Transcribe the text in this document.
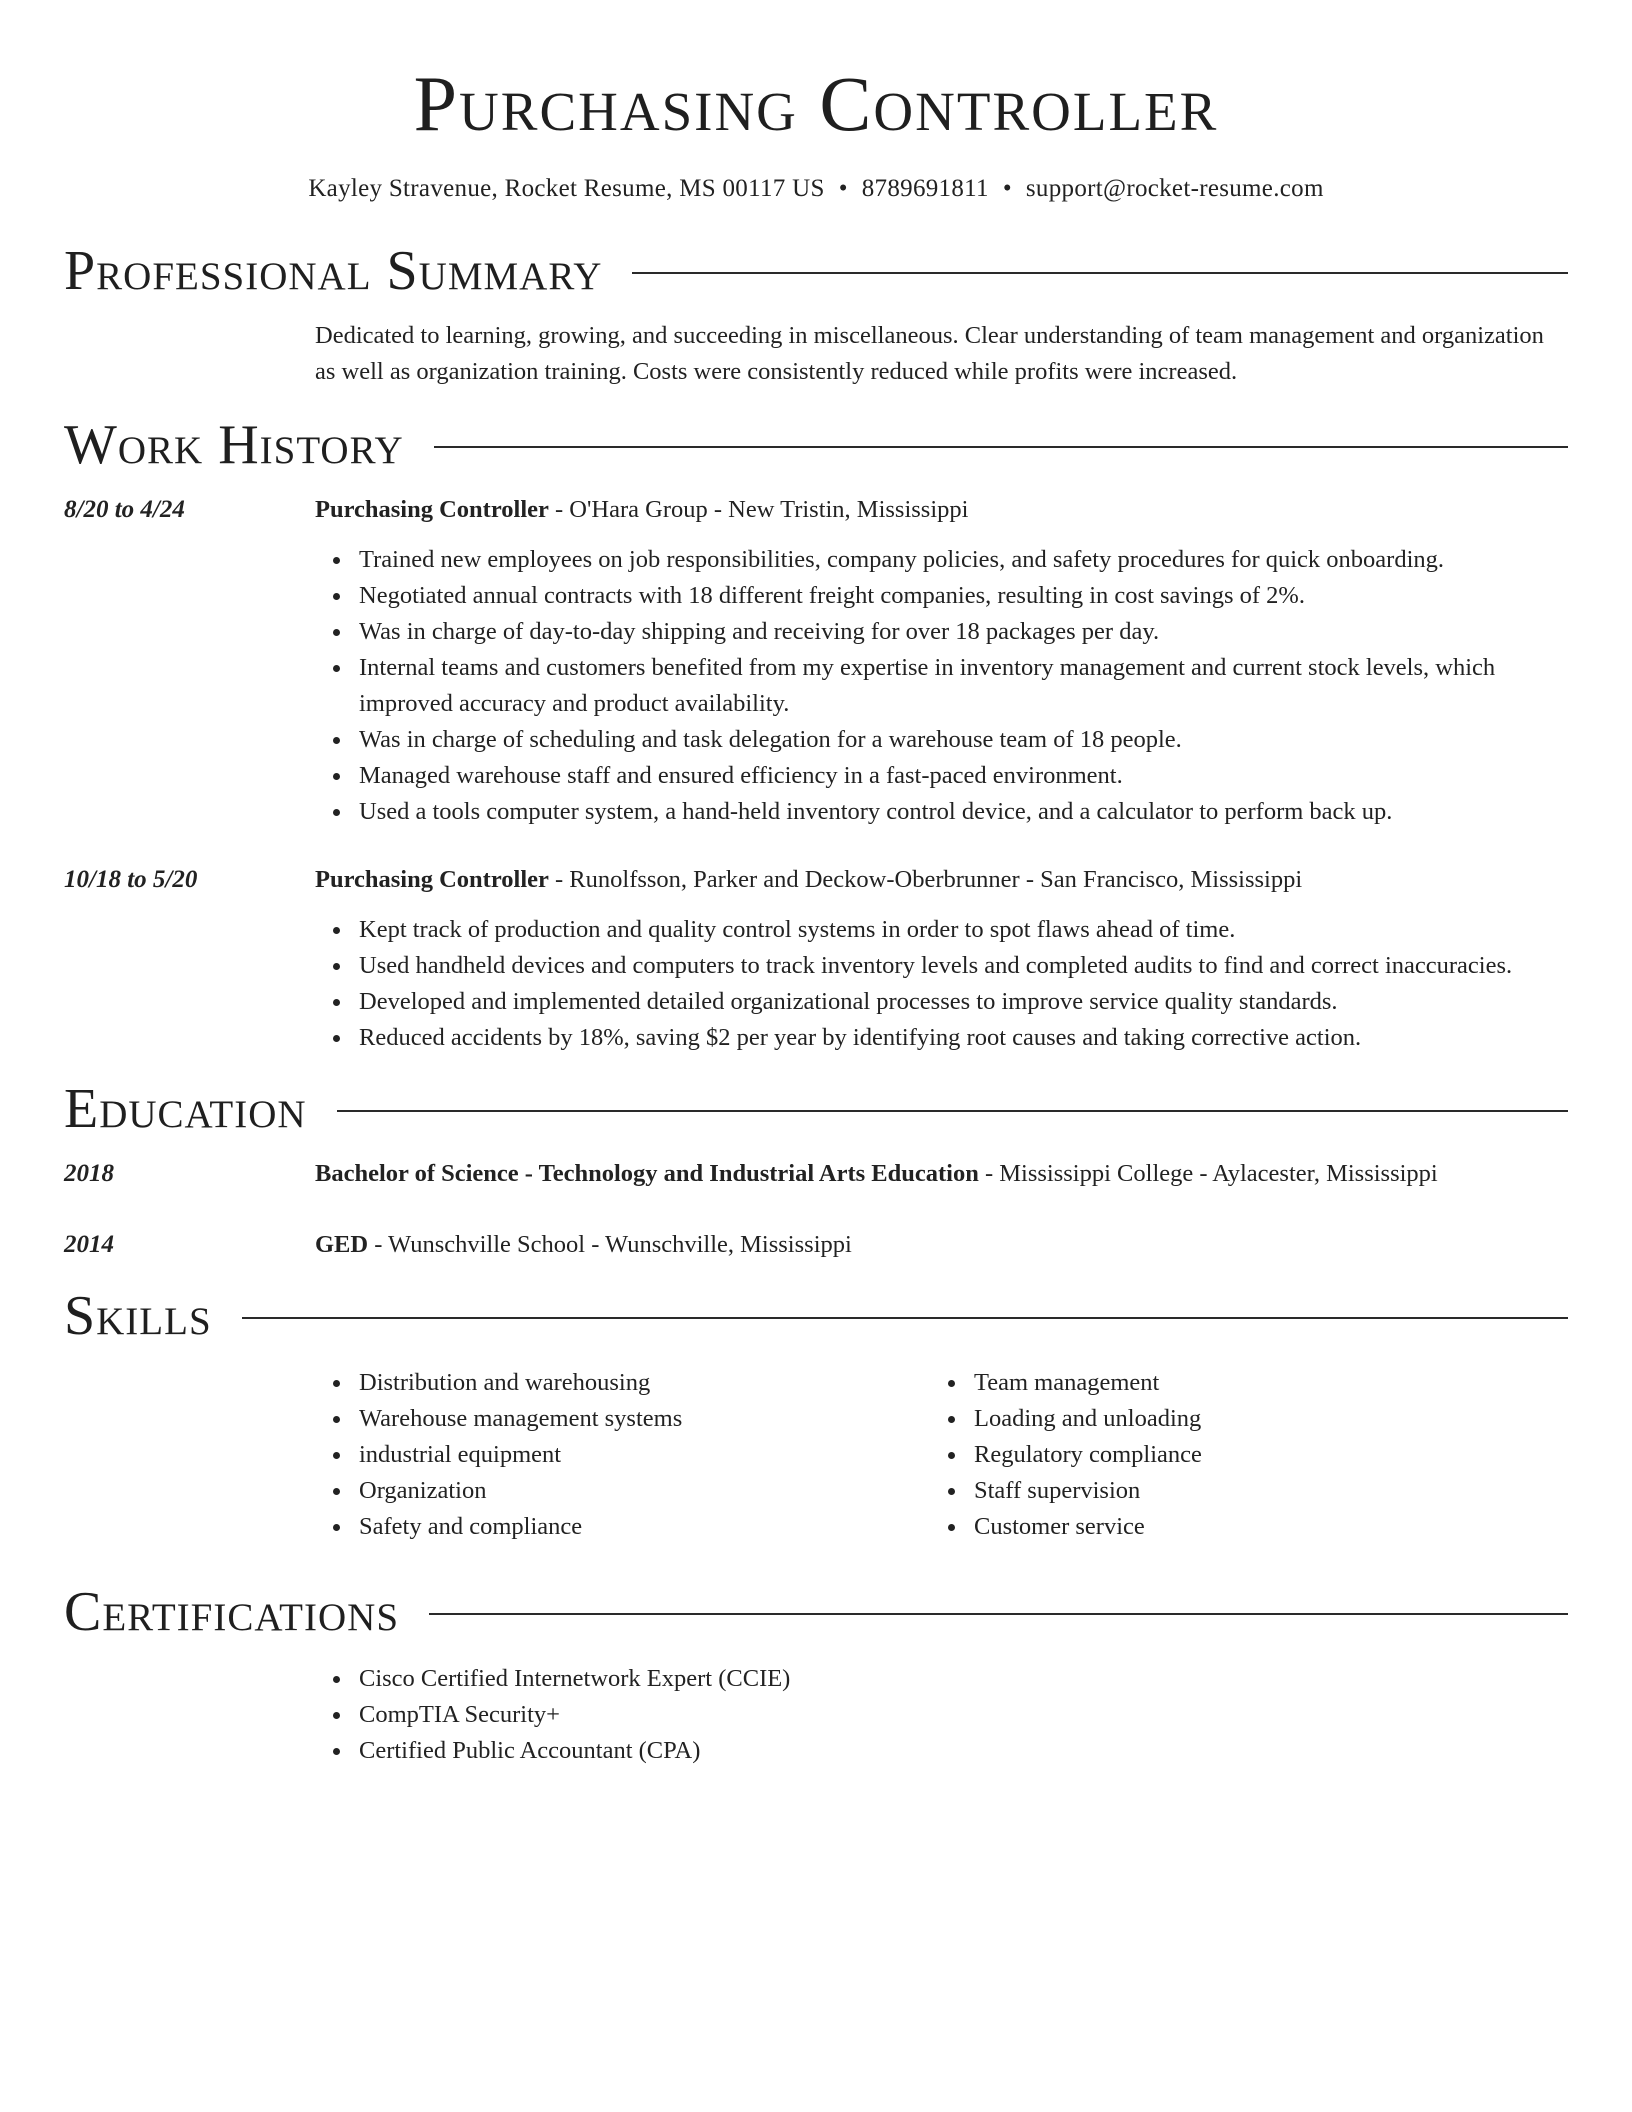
Purchasing Controller
Kayley Stravenue, Rocket Resume, MS 00117 US • 8789691811 • support@rocket-resume.com
Professional Summary
Dedicated to learning, growing, and succeeding in miscellaneous. Clear understanding of team management and organization as well as organization training. Costs were consistently reduced while profits were increased.
Work History
8/20 to 4/24	Purchasing Controller - O'Hara Group - New Tristin, Mississippi
Trained new employees on job responsibilities, company policies, and safety procedures for quick onboarding.
Negotiated annual contracts with 18 different freight companies, resulting in cost savings of 2%.
Was in charge of day-to-day shipping and receiving for over 18 packages per day.
Internal teams and customers benefited from my expertise in inventory management and current stock levels, which improved accuracy and product availability.
Was in charge of scheduling and task delegation for a warehouse team of 18 people.
Managed warehouse staff and ensured efficiency in a fast-paced environment.
Used a tools computer system, a hand-held inventory control device, and a calculator to perform back up.
10/18 to 5/20	Purchasing Controller - Runolfsson, Parker and Deckow-Oberbrunner - San Francisco, Mississippi
Kept track of production and quality control systems in order to spot flaws ahead of time.
Used handheld devices and computers to track inventory levels and completed audits to find and correct inaccuracies.
Developed and implemented detailed organizational processes to improve service quality standards.
Reduced accidents by 18%, saving $2 per year by identifying root causes and taking corrective action.
Education
2018	Bachelor of Science - Technology and Industrial Arts Education - Mississippi College - Aylacester, Mississippi
2014	GED - Wunschville School - Wunschville, Mississippi
Skills
Distribution and warehousing
Warehouse management systems
industrial equipment
Organization
Safety and compliance
Team management
Loading and unloading
Regulatory compliance
Staff supervision
Customer service
Certifications
Cisco Certified Internetwork Expert (CCIE)
CompTIA Security+
Certified Public Accountant (CPA)
